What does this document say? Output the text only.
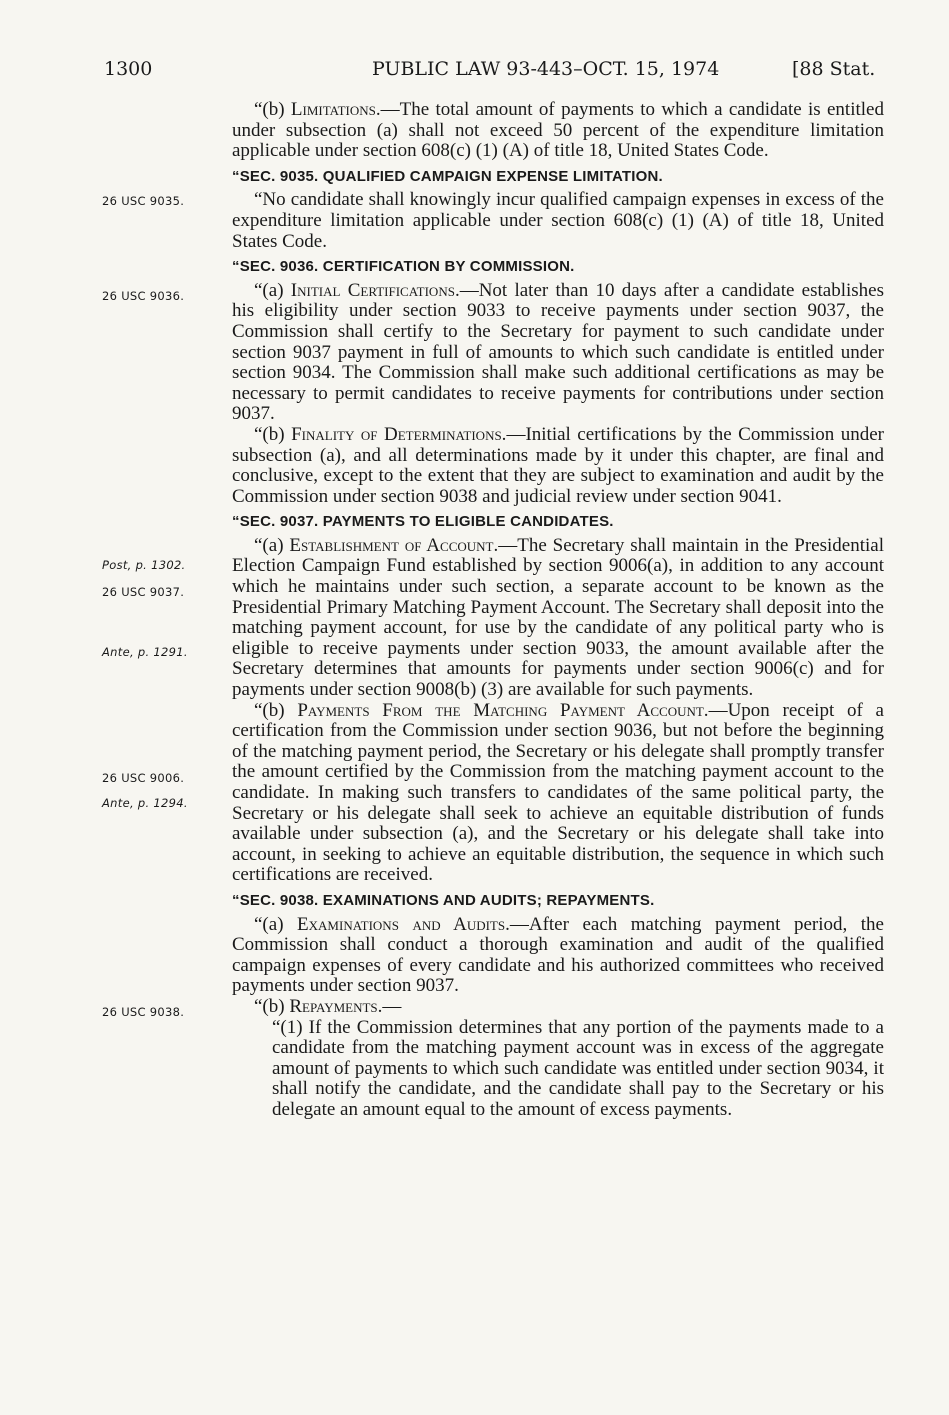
1300	PUBLIC LAW 93-443–OCT. 15, 1974	[88 Stat.
26 USC 9035.
26 USC 9036.
Post, p. 1302.
26 USC 9037.
Ante, p. 1291.
26 USC 9006.
Ante, p. 1294.
26 USC 9038.

“(b) Limitations.—The total amount of payments to which a candidate is entitled under subsection (a) shall not exceed 50 percent of the expenditure limitation applicable under section 608(c) (1) (A) of title 18, United States Code.

“SEC. 9035. QUALIFIED CAMPAIGN EXPENSE LIMITATION.

“No candidate shall knowingly incur qualified campaign expenses in excess of the expenditure limitation applicable under section 608(c) (1) (A) of title 18, United States Code.

“SEC. 9036. CERTIFICATION BY COMMISSION.

“(a) Initial Certifications.—Not later than 10 days after a candidate establishes his eligibility under section 9033 to receive payments under section 9037, the Commission shall certify to the Secretary for payment to such candidate under section 9037 payment in full of amounts to which such candidate is entitled under section 9034. The Commission shall make such additional certifications as may be necessary to permit candidates to receive payments for contributions under section 9037.

“(b) Finality of Determinations.—Initial certifications by the Commission under subsection (a), and all determinations made by it under this chapter, are final and conclusive, except to the extent that they are subject to examination and audit by the Commission under section 9038 and judicial review under section 9041.

“SEC. 9037. PAYMENTS TO ELIGIBLE CANDIDATES.

“(a) Establishment of Account.—The Secretary shall maintain in the Presidential Election Campaign Fund established by section 9006(a), in addition to any account which he maintains under such section, a separate account to be known as the Presidential Primary Matching Payment Account. The Secretary shall deposit into the matching payment account, for use by the candidate of any political party who is eligible to receive payments under section 9033, the amount available after the Secretary determines that amounts for payments under section 9006(c) and for payments under section 9008(b) (3) are available for such payments.

“(b) Payments From the Matching Payment Account.—Upon receipt of a certification from the Commission under section 9036, but not before the beginning of the matching payment period, the Secretary or his delegate shall promptly transfer the amount certified by the Commission from the matching payment account to the candidate. In making such transfers to candidates of the same political party, the Secretary or his delegate shall seek to achieve an equitable distribution of funds available under subsection (a), and the Secretary or his delegate shall take into account, in seeking to achieve an equitable distribution, the sequence in which such certifications are received.

“SEC. 9038. EXAMINATIONS AND AUDITS; REPAYMENTS.

“(a) Examinations and Audits.—After each matching payment period, the Commission shall conduct a thorough examination and audit of the qualified campaign expenses of every candidate and his authorized committees who received payments under section 9037.

“(b) Repayments.—

“(1) If the Commission determines that any portion of the payments made to a candidate from the matching payment account was in excess of the aggregate amount of payments to which such candidate was entitled under section 9034, it shall notify the candidate, and the candidate shall pay to the Secretary or his delegate an amount equal to the amount of excess payments.
